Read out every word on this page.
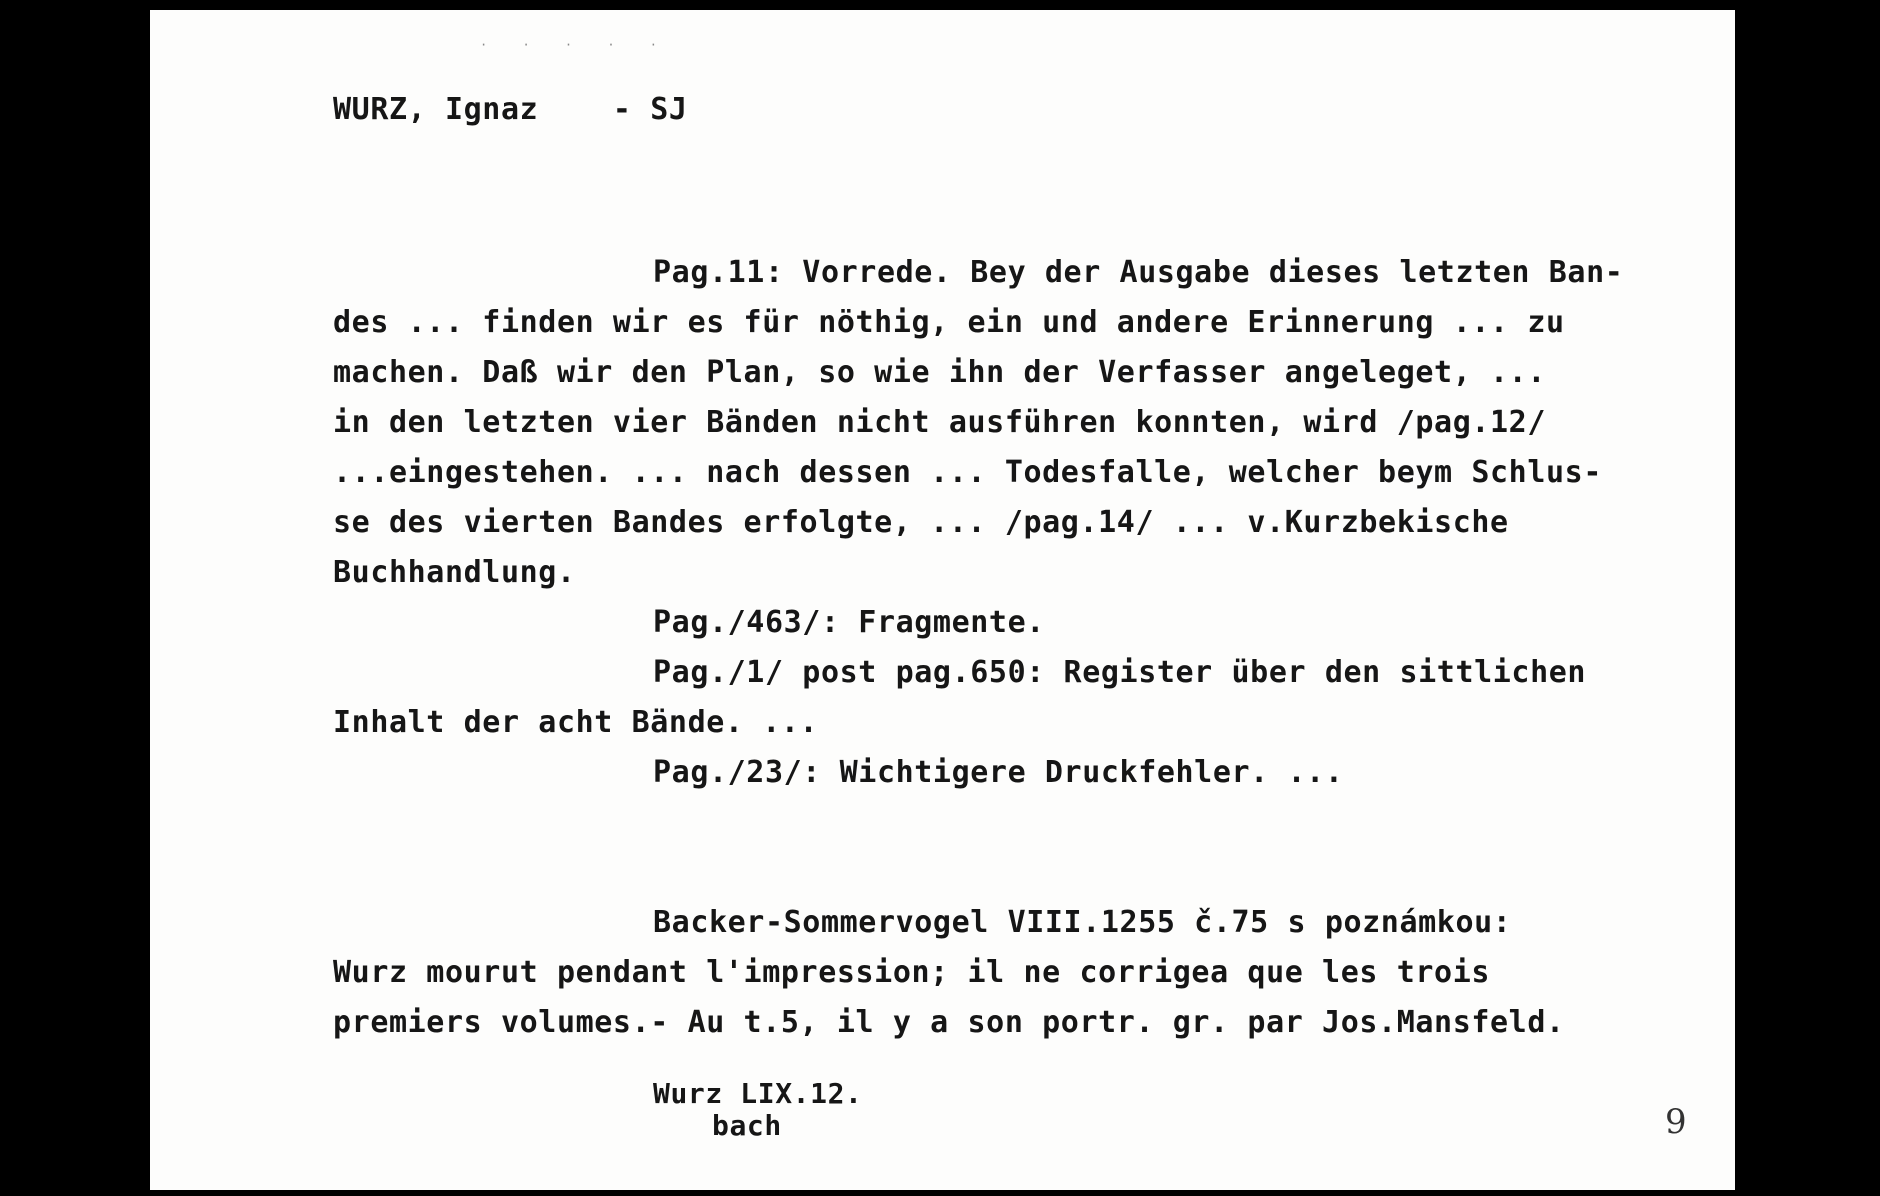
· · · · ·
WURZ, Ignaz    - SJ
Pag.11: Vorrede. Bey der Ausgabe dieses letzten Ban-
des ... finden wir es für nöthig, ein und andere Erinnerung ... zu
machen. Daß wir den Plan, so wie ihn der Verfasser angeleget, ...
in den letzten vier Bänden nicht ausführen konnten, wird /pag.12/
...eingestehen. ... nach dessen ... Todesfalle, welcher beym Schlus-
se des vierten Bandes erfolgte, ... /pag.14/ ... v.Kurzbekische
Buchhandlung.
Pag./463/: Fragmente.
Pag./1/ post pag.650: Register über den sittlichen
Inhalt der acht Bände. ...
Pag./23/: Wichtigere Druckfehler. ...
Backer-Sommervogel VIII.1255 č.75 s poznámkou:
Wurz mourut pendant l'impression; il ne corrigea que les trois
premiers volumes.- Au t.5, il y a son portr. gr. par Jos.Mansfeld.
Wurz LIX.12.
bach	9
